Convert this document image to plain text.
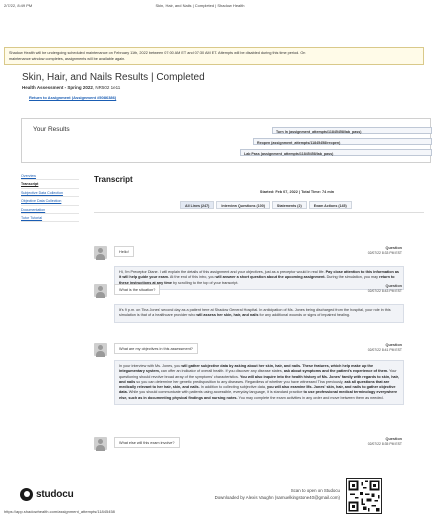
2/7/22, 8:49 PM	Skin, Hair, and Nails | Completed | Shadow Health
Shadow Health will be undergoing scheduled maintenance on February 11th, 2022 between 07:00 AM ET and 07:30 AM ET. Attempts will be disabled during this time period. On
maintenance window completes, assignments will be available again.
Skin, Hair, and Nails Results | Completed
Health Assessment - Spring 2022, NR502 1e11
Return to Assignment (Assignment #5086386)
Your Results	Turn In (assignment_attempts/11845458/lab_pass)
Reopen (assignment_attempts/11845458/reopen)
Lab Pass (assignment_attempts/11845458/lab_pass)
Overview
Transcript
Subjective Data Collection
Objective Data Collection
Documentation
Tutor Tutorial
Transcript
Started: Feb 07, 2022 | Total Time: 74 min
All Lines (247)	Interview Questions (100)	Statements (2)	Exam Actions (145)
Hello!
Question
02/07/22 8:33 PM EST
Hi, I'm Preceptor Diane. I will explain the details of this assignment and your objectives, just as a preceptor would in real life. Pay close attention to this information as it will help guide your exam. At the end of this intro, you will answer a short question about the upcoming assignment. During the simulation, you may return to these instructions at any time by scrolling to the top of your transcript.
What is the situation?
Question
02/07/22 8:43 PM EST
It's 9 p.m. on Tina Jones' second day as a patient here at Shadow General Hospital. In anticipation of Ms. Jones being discharged from the hospital, your role in this simulation is that of a healthcare provider who will assess her skin, hair, and nails for any additional wounds or signs of impaired healing.
What are my objectives in this assessment?
Question
02/07/22 8:41 PM EST
In your interview with Ms. Jones, you will gather subjective data by asking about her skin, hair, and nails. These features, which help make up the integumentary system, can offer an indicator of overall health. If you discover any disease states, ask about symptoms and the patient's experience of them. Your questioning should revolve broad array of the symptoms' characteristics. You will also inquire into the health history of Ms. Jones' family with regards to skin, hair, and nails so you can determine her genetic predisposition to any diseases. Regardless of whether you have witnessed Tina previously, ask all questions that are medically relevant to her hair, skin, and nails. In addition to collecting subjective data, you will also examine Ms. Jones' skin, hair, and nails to gather objective data. While you should communicate with patients using accessible, everyday language, it is standard practice to use professional medical terminology everywhere else, such as in documenting physical findings and nursing notes. You may complete the exam activities in any order and move between them as needed.
What else will this exam involve?
Question
02/07/22 8:35 PM EST
studocu	Scan to open on Studocu
Downloaded by Alexis Vaughn (samuelkingstone40@gmail.com)
https://app.shadowhealth.com/assignment_attempts/11845458
